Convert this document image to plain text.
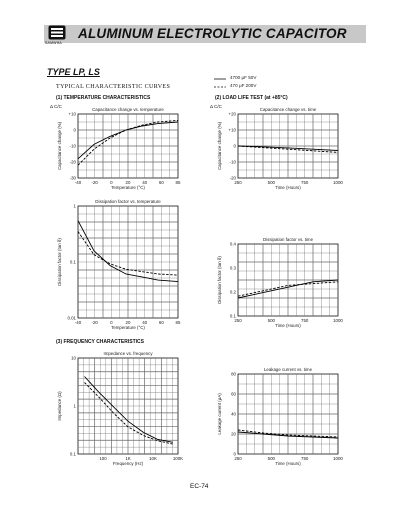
SAMWHA
ALUMINUM ELECTROLYTIC CAPACITOR
TYPE LP, LS
TYPICAL CHARACTERISTIC CURVES
4700 μF 50V
470 μF 200V
(1) TEMPERATURE CHARACTERISTICS	(2) LOAD LIFE TEST (at +85°C)
(3) FREQUENCY CHARACTERISTICS
Δ C/C
Capacitance change vs. temperature
+10
0
-10
-20
-30
-40 -20	0	20	40	60	85
Temperature (°C)
Capacitance change (%)
Dissipation factor vs. temperature
1
0.1
0.01
-40 -20	0	20	40	60	85
Temperature (°C)
Dissipation factor (tan δ)
Δ C/C
Capacitance change vs. time
+20
+10
0
-10
-20
250	500	750	1000
Time (Hours)
Capacitance change (%)
Dissipation factor vs. time
0.4
0.3
0.2
0.1
250	500	750	1000
Time (Hours)
Dissipation factor (tan δ)
Impedance vs. frequency
10
1
0.1
100	1K	10K	100K
Frequency (Hz)
Impedance (Ω)
Leakage current vs. time
80
60
40
20
0
250	500	750	1000
Time (Hours)
Leakage current (μA)
EC-74
